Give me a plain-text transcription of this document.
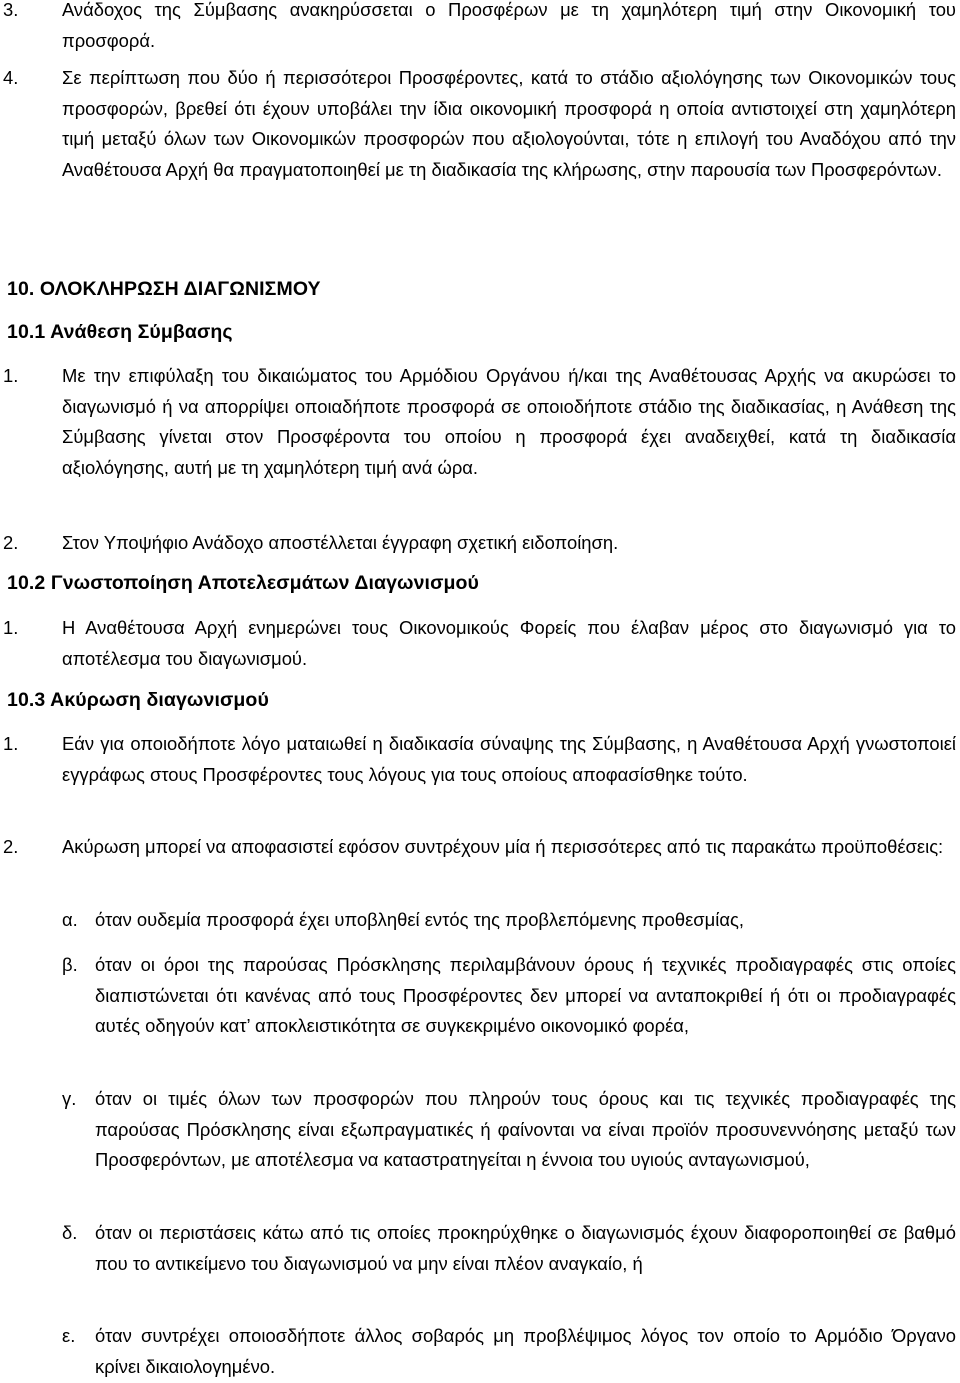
3. Ανάδοχος της Σύμβασης ανακηρύσσεται ο Προσφέρων με τη χαμηλότερη τιμή στην Οικονομική του προσφορά.
4. Σε περίπτωση που δύο ή περισσότεροι Προσφέροντες, κατά το στάδιο αξιολόγησης των Οικονομικών τους προσφορών, βρεθεί ότι έχουν υποβάλει την ίδια οικονομική προσφορά η οποία αντιστοιχεί στη χαμηλότερη τιμή μεταξύ όλων των Οικονομικών προσφορών που αξιολογούνται, τότε η επιλογή του Αναδόχου από την Αναθέτουσα Αρχή θα πραγματοποιηθεί με τη διαδικασία της κλήρωσης, στην παρουσία των Προσφερόντων.
10. ΟΛΟΚΛΗΡΩΣΗ ΔΙΑΓΩΝΙΣΜΟΥ
10.1 Ανάθεση Σύμβασης
1. Με την επιφύλαξη του δικαιώματος του Αρμόδιου Οργάνου ή/και της Αναθέτουσας Αρχής να ακυρώσει το διαγωνισμό ή να απορρίψει οποιαδήποτε προσφορά σε οποιοδήποτε στάδιο της διαδικασίας, η Ανάθεση της Σύμβασης γίνεται στον Προσφέροντα του οποίου η προσφορά έχει αναδειχθεί, κατά τη διαδικασία αξιολόγησης, αυτή με τη χαμηλότερη τιμή ανά ώρα.
2. Στον Υποψήφιο Ανάδοχο αποστέλλεται έγγραφη σχετική ειδοποίηση.
10.2 Γνωστοποίηση Αποτελεσμάτων Διαγωνισμού
1. Η Αναθέτουσα Αρχή ενημερώνει τους Οικονομικούς Φορείς που έλαβαν μέρος στο διαγωνισμό για το αποτέλεσμα του διαγωνισμού.
10.3 Ακύρωση διαγωνισμού
1. Εάν για οποιοδήποτε λόγο ματαιωθεί η διαδικασία σύναψης της Σύμβασης, η Αναθέτουσα Αρχή γνωστοποιεί εγγράφως στους Προσφέροντες τους λόγους για τους οποίους αποφασίσθηκε τούτο.
2. Ακύρωση μπορεί να αποφασιστεί εφόσον συντρέχουν μία ή περισσότερες από τις παρακάτω προϋποθέσεις:
α. όταν ουδεμία προσφορά έχει υποβληθεί εντός της προβλεπόμενης προθεσμίας,
β. όταν οι όροι της παρούσας Πρόσκλησης περιλαμβάνουν όρους ή τεχνικές προδιαγραφές στις οποίες διαπιστώνεται ότι κανένας από τους Προσφέροντες δεν μπορεί να ανταποκριθεί ή ότι οι προδιαγραφές αυτές οδηγούν κατ’ αποκλειστικότητα σε συγκεκριμένο οικονομικό φορέα,
γ. όταν οι τιμές όλων των προσφορών που πληρούν τους όρους και τις τεχνικές προδιαγραφές της παρούσας Πρόσκλησης είναι εξωπραγματικές ή φαίνονται να είναι προϊόν προσυνεννόησης μεταξύ των Προσφερόντων, με αποτέλεσμα να καταστρατηγείται η έννοια του υγιούς ανταγωνισμού,
δ. όταν οι περιστάσεις κάτω από τις οποίες προκηρύχθηκε ο διαγωνισμός έχουν διαφοροποιηθεί σε βαθμό που το αντικείμενο του διαγωνισμού να μην είναι πλέον αναγκαίο, ή
ε. όταν συντρέχει οποιοσδήποτε άλλος σοβαρός μη προβλέψιμος λόγος τον οποίο το Αρμόδιο Όργανο κρίνει δικαιολογημένο.
